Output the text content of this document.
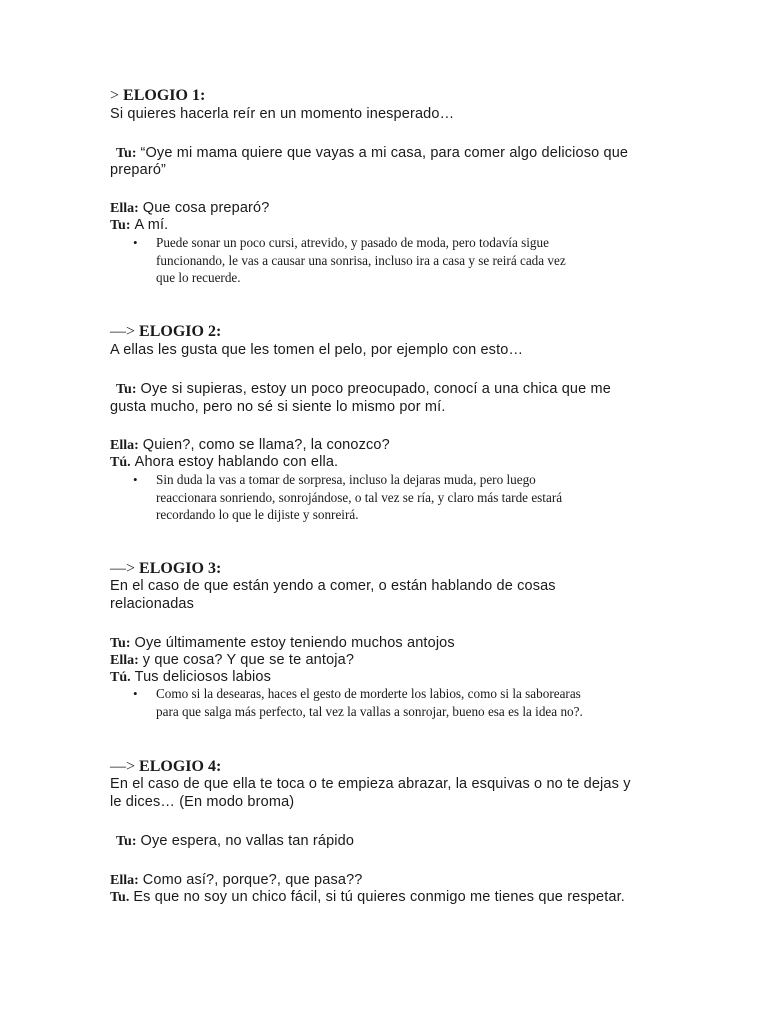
> ELOGIO 1:
Si quieres hacerla reír en un momento inesperado…
Tu: “Oye mi mama quiere que vayas a mi casa, para comer algo delicioso que
preparó”
Ella: Que cosa preparó?
Tu: A mí.
• Puede sonar un poco cursi, atrevido, y pasado de moda, pero todavía sigue
funcionando, le vas a causar una sonrisa, incluso ira a casa y se reirá cada vez
que lo recuerde.
—> ELOGIO 2:
A ellas les gusta que les tomen el pelo, por ejemplo con esto…
Tu: Oye si supieras, estoy un poco preocupado, conocí a una chica que me
gusta mucho, pero no sé si siente lo mismo por mí.
Ella: Quien?, como se llama?, la conozco?
Tú. Ahora estoy hablando con ella.
• Sin duda la vas a tomar de sorpresa, incluso la dejaras muda, pero luego
reaccionara sonriendo, sonrojándose, o tal vez se ría, y claro más tarde estará
recordando lo que le dijiste y sonreirá.
—> ELOGIO 3:
En el caso de que están yendo a comer, o están hablando de cosas
relacionadas
Tu: Oye últimamente estoy teniendo muchos antojos
Ella: y que cosa? Y que se te antoja?
Tú. Tus deliciosos labios
• Como si la desearas, haces el gesto de morderte los labios, como si la saborearas
para que salga más perfecto, tal vez la vallas a sonrojar, bueno esa es la idea no?.
—> ELOGIO 4:
En el caso de que ella te toca o te empieza abrazar, la esquivas o no te dejas y
le dices… (En modo broma)
Tu: Oye espera, no vallas tan rápido
Ella: Como así?, porque?, que pasa??
Tu. Es que no soy un chico fácil, si tú quieres conmigo me tienes que respetar.
